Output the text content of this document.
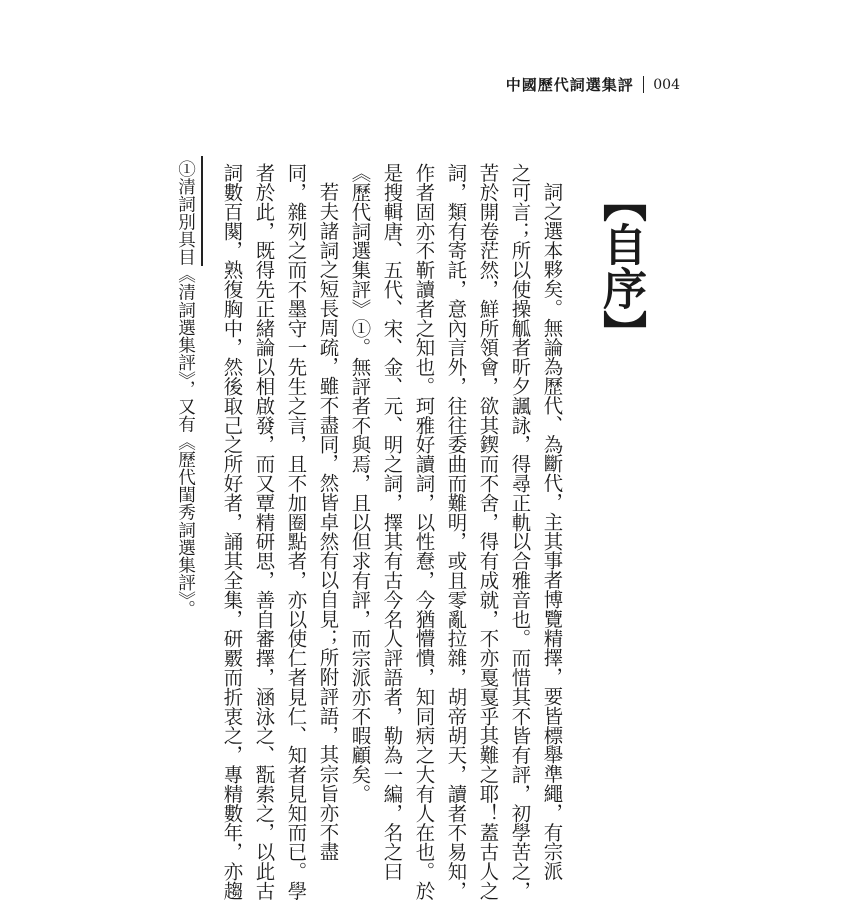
中國歷代詞選集評 004
【自序】
詞之選本夥矣。無論為歷代、為斷代，主其事者博覽精擇，要皆標舉準繩，有宗派
之可言；所以使操觚者昕夕諷詠，得尋正軌以合雅音也。而惜其不皆有評，初學苦之，
苦於開卷茫然，鮮所領會，欲其鍥而不舍，得有成就，不亦戛戛乎其難之耶！蓋古人之
詞，類有寄託，意內言外，往往委曲而難明，或且零亂拉雜，胡帝胡天，讀者不易知，
作者固亦不靳讀者之知也。珂雅好讀詞，以性憃，今猶懵憒，知同病之大有人在也。於
是搜輯唐、五代、宋、金、元、明之詞，擇其有古今名人評語者，勒為一編，名之曰
《歷代詞選集評》①。無評者不與焉，且以但求有評，而宗派亦不暇顧矣。
若夫諸詞之短長周疏，雖不盡同，然皆卓然有以自見；所附評語，其宗旨亦不盡
同，雜列之而不墨守一先生之言，且不加圈點者，亦以使仁者見仁、知者見知而已。學
者於此，既得先正緒論以相啟發，而又覃精研思，善自審擇，涵泳之、翫索之，以此古
詞數百闋，熟復胸中，然後取己之所好者，誦其全集，研覈而折衷之，專精數年，亦趨
①清詞別具目《清詞選集評》，又有《歷代閨秀詞選集評》。
